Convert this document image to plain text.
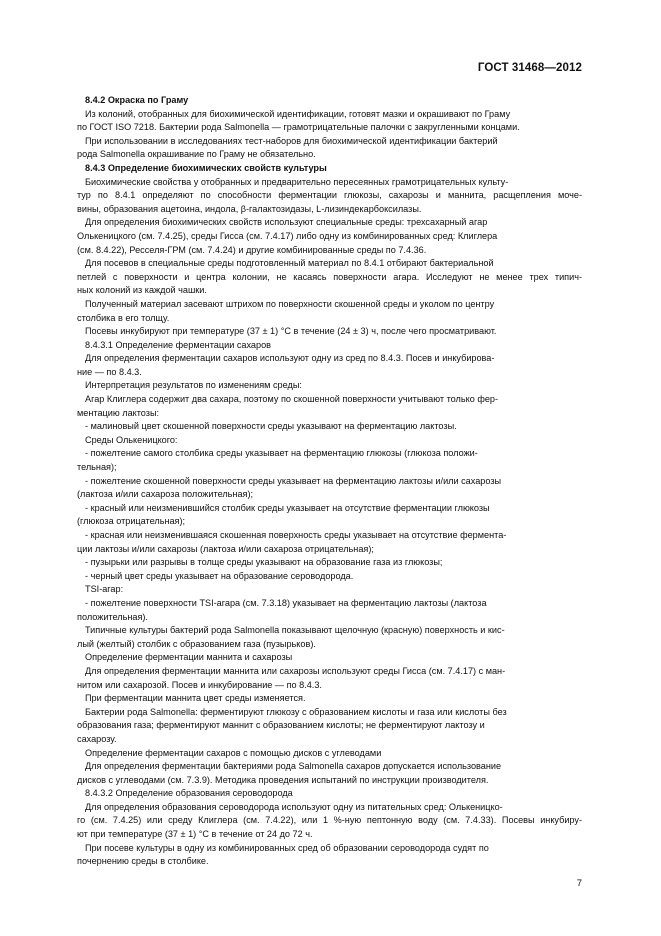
ГОСТ 31468—2012
8.4.2 Окраска по Граму
Из колоний, отобранных для биохимической идентификации, готовят мазки и окрашивают по Граму
по ГОСТ ISO 7218. Бактерии рода Salmonella — грамотрицательные палочки с закругленными концами.
При использовании в исследованиях тест-наборов для биохимической идентификации бактерий
рода Salmonella окрашивание по Граму не обязательно.
8.4.3 Определение биохимических свойств культуры
Биохимические свойства у отобранных и предварительно пересеянных грамотрицательных культу-
тур по 8.4.1 определяют по способности ферментации глюкозы, сахарозы и маннита, расщепления моче-
вины, образования ацетоина, индола, β-галактозидазы, L-лизиндекарбоксилазы.
Для определения биохимических свойств используют специальные среды: трехсахарный агар
Олькеницкого (см. 7.4.25), среды Гисса (см. 7.4.17) либо одну из комбинированных сред: Клиглера
(см. 8.4.22), Ресселя-ГРМ (см. 7.4.24) и другие комбинированные среды по 7.4.36.
Для посевов в специальные среды подготовленный материал по 8.4.1 отбирают бактериальной
петлей с поверхности и центра колонии, не касаясь поверхности агара. Исследуют не менее трех типич-
ных колоний из каждой чашки.
Полученный материал засевают штрихом по поверхности скошенной среды и уколом по центру
столбика в его толщу.
Посевы инкубируют при температуре (37 ± 1) °С в течение (24 ± 3) ч, после чего просматривают.
8.4.3.1 Определение ферментации сахаров
Для определения ферментации сахаров используют одну из сред по 8.4.3. Посев и инкубирова-
ние — по 8.4.3.
Интерпретация результатов по изменениям среды:
Агар Клиглера содержит два сахара, поэтому по скошенной поверхности учитывают только фер-
ментацию лактозы:
- малиновый цвет скошенной поверхности среды указывают на ферментацию лактозы.
Среды Олькеницкого:
- пожелтение самого столбика среды указывает на ферментацию глюкозы (глюкоза положи-
тельная);
- пожелтение скошенной поверхности среды указывает на ферментацию лактозы и/или сахарозы
(лактоза и/или сахароза положительная);
- красный или неизменившийся столбик среды указывает на отсутствие ферментации глюкозы
(глюкоза отрицательная);
- красная или неизменившаяся скошенная поверхность среды указывает на отсутствие фермента-
ции лактозы и/или сахарозы (лактоза и/или сахароза отрицательная);
- пузырьки или разрывы в толще среды указывают на образование газа из глюкозы;
- черный цвет среды указывает на образование сероводорода.
TSI-агар:
- пожелтение поверхности TSI-агара (см. 7.3.18) указывает на ферментацию лактозы (лактоза
положительная).
Типичные культуры бактерий рода Salmonella показывают щелочную (красную) поверхность и кис-
лый (желтый) столбик с образованием газа (пузырьков).
Определение ферментации маннита и сахарозы
Для определения ферментации маннита или сахарозы используют среды Гисса (см. 7.4.17) с ман-
нитом или сахарозой. Посев и инкубирование — по 8.4.3.
При ферментации маннита цвет среды изменяется.
Бактерии рода Salmonella: ферментируют глюкозу с образованием кислоты и газа или кислоты без
образования газа; ферментируют маннит с образованием кислоты; не ферментируют лактозу и
сахарозу.
Определение ферментации сахаров с помощью дисков с углеводами
Для определения ферментации бактериями рода Salmonella сахаров допускается использование
дисков с углеводами (см. 7.3.9). Методика проведения испытаний по инструкции производителя.
8.4.3.2 Определение образования сероводорода
Для определения образования сероводорода используют одну из питательных сред: Олькеницко-
го (см. 7.4.25) или среду Клиглера (см. 7.4.22), или 1 %-ную пептонную воду (см. 7.4.33). Посевы инкубиру-
ют при температуре (37 ± 1) °С в течение от 24 до 72 ч.
При посеве культуры в одну из комбинированных сред об образовании сероводорода судят по
почернению среды в столбике.
7
